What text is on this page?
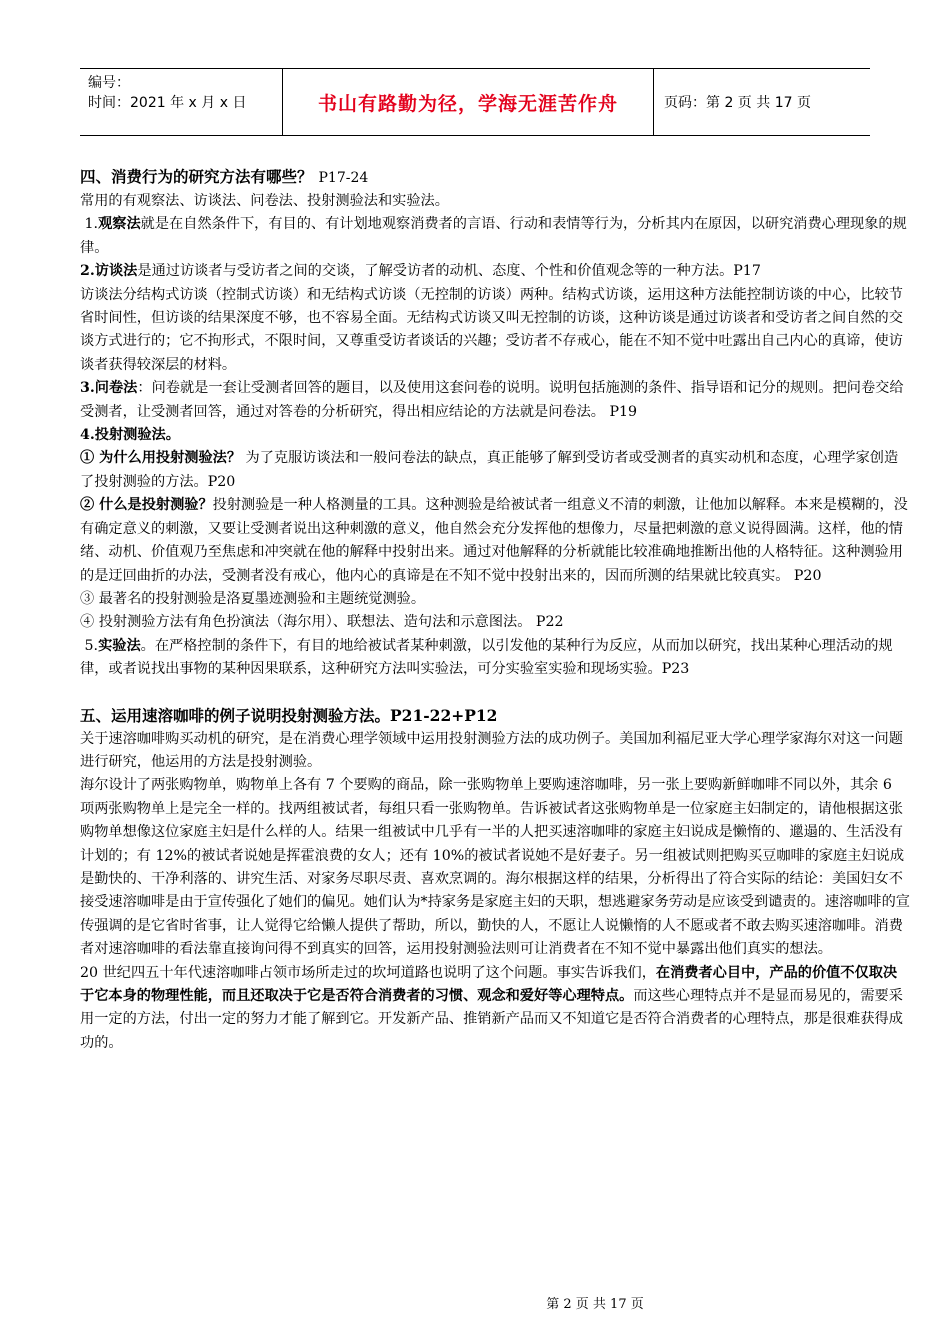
编号：
时间：2021 年 x 月 x 日	书山有路勤为径，学海无涯苦作舟	页码：第 2 页 共 17 页
四、消费行为的研究方法有哪些？ P17-24

常用的有观察法、访谈法、问卷法、投射测验法和实验法。

1.观察法就是在自然条件下，有目的、有计划地观察消费者的言语、行动和表情等行为，分析其内在原因，以研究消费心理现象的规律。

2.访谈法是通过访谈者与受访者之间的交谈，了解受访者的动机、态度、个性和价值观念等的一种方法。P17

访谈法分结构式访谈（控制式访谈）和无结构式访谈（无控制的访谈）两种。结构式访谈，运用这种方法能控制访谈的中心，比较节省时间性，但访谈的结果深度不够，也不容易全面。无结构式访谈又叫无控制的访谈，这种访谈是通过访谈者和受访者之间自然的交谈方式进行的；它不拘形式，不限时间，又尊重受访者谈话的兴趣；受访者不存戒心，能在不知不觉中吐露出自己内心的真谛，使访谈者获得较深层的材料。

3.问卷法：问卷就是一套让受测者回答的题目，以及使用这套问卷的说明。说明包括施测的条件、指导语和记分的规则。把问卷交给受测者，让受测者回答，通过对答卷的分析研究，得出相应结论的方法就是问卷法。 P19

4.投射测验法。

① 为什么用投射测验法？ 为了克服访谈法和一般问卷法的缺点，真正能够了解到受访者或受测者的真实动机和态度，心理学家创造了投射测验的方法。P20

② 什么是投射测验？投射测验是一种人格测量的工具。这种测验是给被试者一组意义不清的刺激，让他加以解释。本来是模糊的，没有确定意义的刺激，又要让受测者说出这种刺激的意义，他自然会充分发挥他的想像力，尽量把刺激的意义说得圆满。这样，他的情绪、动机、价值观乃至焦虑和冲突就在他的解释中投射出来。通过对他解释的分析就能比较准确地推断出他的人格特征。这种测验用的是迂回曲折的办法，受测者没有戒心，他内心的真谛是在不知不觉中投射出来的，因而所测的结果就比较真实。 P20

③ 最著名的投射测验是洛夏墨迹测验和主题统觉测验。

④ 投射测验方法有角色扮演法（海尔用）、联想法、造句法和示意图法。 P22

5.实验法。在严格控制的条件下，有目的地给被试者某种刺激，以引发他的某种行为反应，从而加以研究，找出某种心理活动的规律，或者说找出事物的某种因果联系，这种研究方法叫实验法，可分实验室实验和现场实验。P23

五、运用速溶咖啡的例子说明投射测验方法。P21-22+P12

关于速溶咖啡购买动机的研究，是在消费心理学领域中运用投射测验方法的成功例子。美国加利福尼亚大学心理学家海尔对这一问题进行研究，他运用的方法是投射测验。

海尔设计了两张购物单，购物单上各有 7 个要购的商品，除一张购物单上要购速溶咖啡，另一张上要购新鲜咖啡不同以外，其余 6 项两张购物单上是完全一样的。找两组被试者，每组只看一张购物单。告诉被试者这张购物单是一位家庭主妇制定的，请他根据这张购物单想像这位家庭主妇是什么样的人。结果一组被试中几乎有一半的人把买速溶咖啡的家庭主妇说成是懒惰的、邋遢的、生活没有计划的；有 12%的被试者说她是挥霍浪费的女人；还有 10%的被试者说她不是好妻子。另一组被试则把购买豆咖啡的家庭主妇说成是勤快的、干净利落的、讲究生活、对家务尽职尽责、喜欢烹调的。海尔根据这样的结果，分析得出了符合实际的结论：美国妇女不接受速溶咖啡是由于宣传强化了她们的偏见。她们认为*持家务是家庭主妇的天职，想逃避家务劳动是应该受到谴责的。速溶咖啡的宣传强调的是它省时省事，让人觉得它给懒人提供了帮助，所以，勤快的人，不愿让人说懒惰的人不愿或者不敢去购买速溶咖啡。消费者对速溶咖啡的看法靠直接询问得不到真实的回答，运用投射测验法则可让消费者在不知不觉中暴露出他们真实的想法。

20 世纪四五十年代速溶咖啡占领市场所走过的坎坷道路也说明了这个问题。事实告诉我们，在消费者心目中，产品的价值不仅取决于它本身的物理性能，而且还取决于它是否符合消费者的习惯、观念和爱好等心理特点。而这些心理特点并不是显而易见的，需要采用一定的方法，付出一定的努力才能了解到它。开发新产品、推销新产品而又不知道它是否符合消费者的心理特点，那是很难获得成功的。

第 2 页 共 17 页
